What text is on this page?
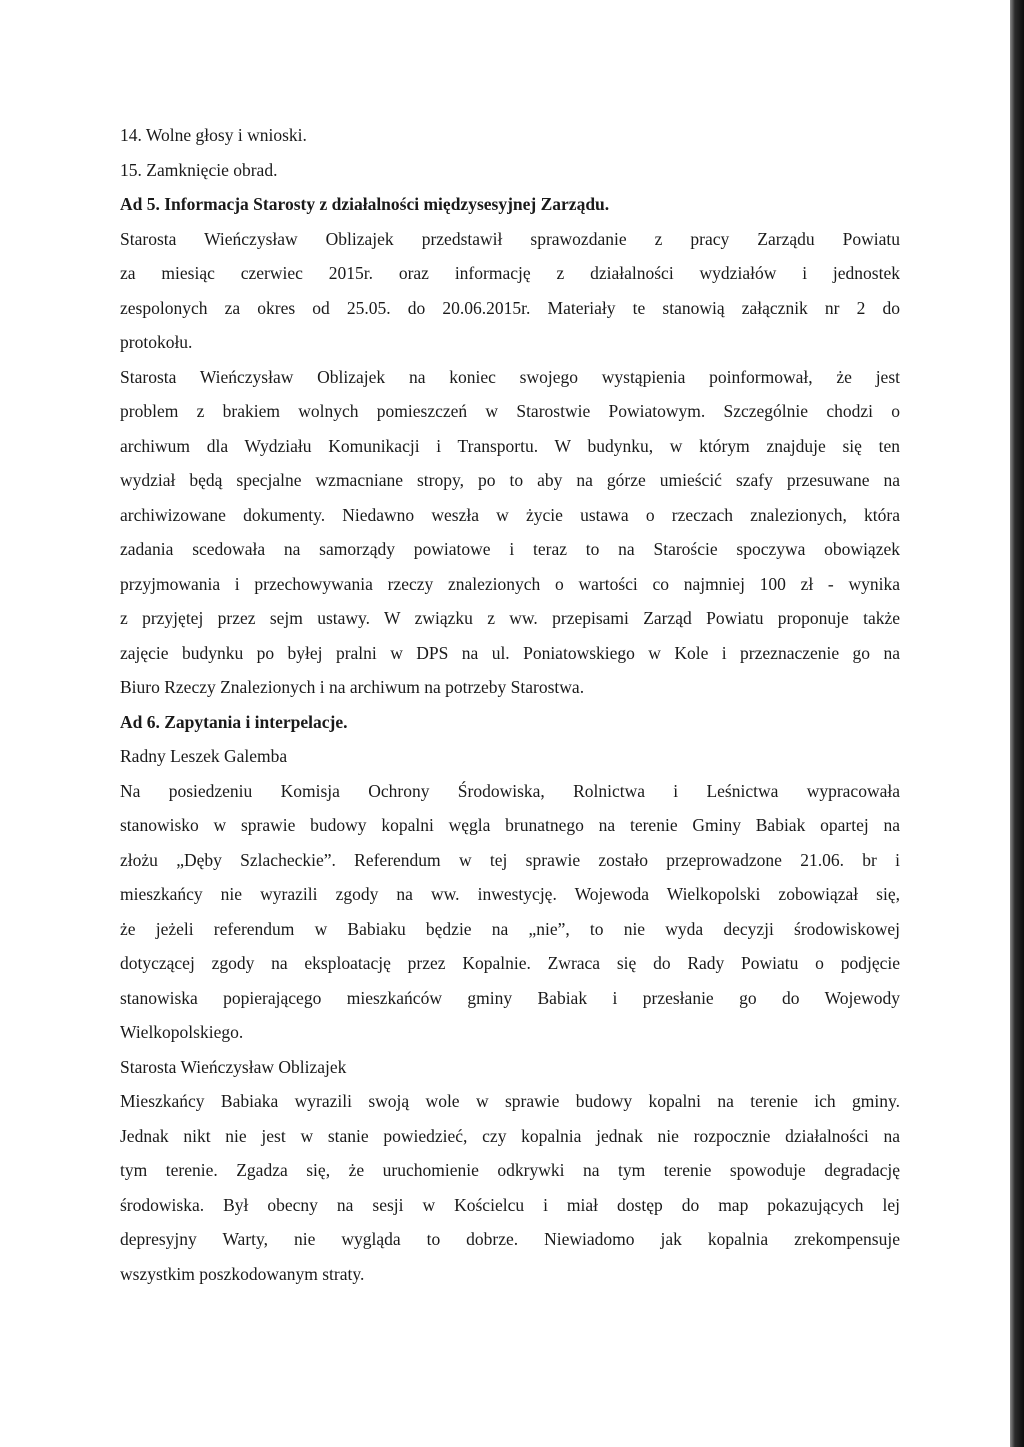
14. Wolne głosy i wnioski.
15. Zamknięcie obrad.
Ad 5. Informacja Starosty z działalności międzysesyjnej Zarządu.
Starosta Wieńczysław Oblizajek przedstawił sprawozdanie z pracy Zarządu Powiatu
za miesiąc czerwiec 2015r. oraz informację z działalności wydziałów i jednostek
zespolonych za okres od 25.05. do 20.06.2015r. Materiały te stanowią załącznik nr 2 do
protokołu.
Starosta Wieńczysław Oblizajek na koniec swojego wystąpienia poinformował, że jest
problem z brakiem wolnych pomieszczeń w Starostwie Powiatowym. Szczególnie chodzi o
archiwum dla Wydziału Komunikacji i Transportu. W budynku, w którym znajduje się ten
wydział będą specjalne wzmacniane stropy, po to aby na górze umieścić szafy przesuwane na
archiwizowane dokumenty. Niedawno weszła w życie ustawa o rzeczach znalezionych, która
zadania scedowała na samorządy powiatowe i teraz to na Staroście spoczywa obowiązek
przyjmowania i przechowywania rzeczy znalezionych o wartości co najmniej 100 zł - wynika
z przyjętej przez sejm ustawy. W związku z ww. przepisami Zarząd Powiatu proponuje także
zajęcie budynku po byłej pralni w DPS na ul. Poniatowskiego w Kole i przeznaczenie go na
Biuro Rzeczy Znalezionych i na archiwum na potrzeby Starostwa.
Ad 6. Zapytania i interpelacje.
Radny Leszek Galemba
Na posiedzeniu Komisja Ochrony Środowiska, Rolnictwa i Leśnictwa wypracowała
stanowisko w sprawie budowy kopalni węgla brunatnego na terenie Gminy Babiak opartej na
złożu „Dęby Szlacheckie”. Referendum w tej sprawie zostało przeprowadzone 21.06. br i
mieszkańcy nie wyrazili zgody na ww. inwestycję. Wojewoda Wielkopolski zobowiązał się,
że jeżeli referendum w Babiaku będzie na „nie”, to nie wyda decyzji środowiskowej
dotyczącej zgody na eksploatację przez Kopalnie. Zwraca się do Rady Powiatu o podjęcie
stanowiska popierającego mieszkańców gminy Babiak i przesłanie go do Wojewody
Wielkopolskiego.
Starosta Wieńczysław Oblizajek
Mieszkańcy Babiaka wyrazili swoją wole w sprawie budowy kopalni na terenie ich gminy.
Jednak nikt nie jest w stanie powiedzieć, czy kopalnia jednak nie rozpocznie działalności na
tym terenie. Zgadza się, że uruchomienie odkrywki na tym terenie spowoduje degradację
środowiska. Był obecny na sesji w Kościelcu i miał dostęp do map pokazujących lej
depresyjny Warty, nie wygląda to dobrze. Niewiadomo jak kopalnia zrekompensuje
wszystkim poszkodowanym straty.
